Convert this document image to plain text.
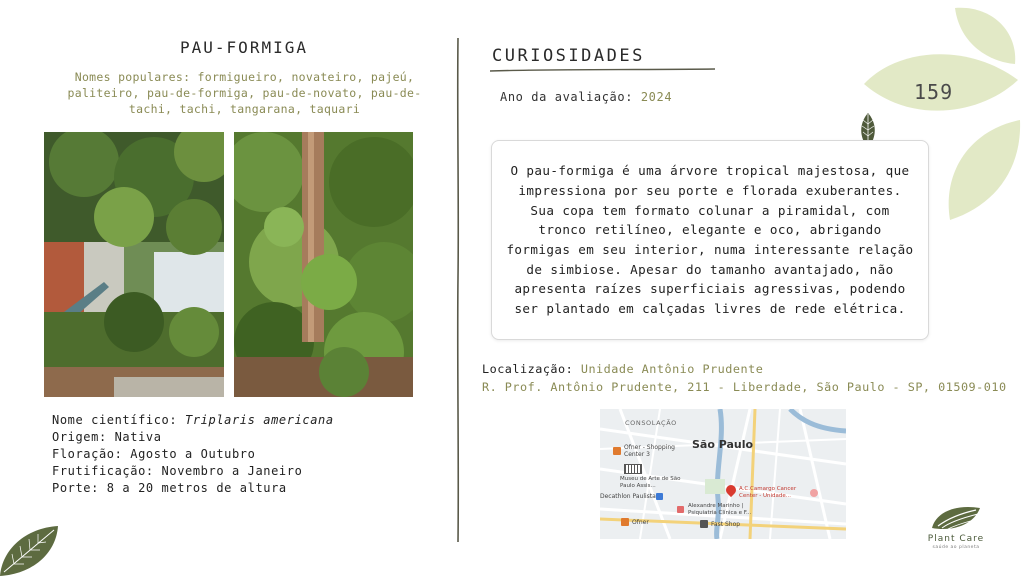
159
PAU-FORMIGA
Nomes populares: formigueiro, novateiro, pajeú, paliteiro, pau-de-formiga, pau-de-novato, pau-de-tachi, tachi, tangarana, taquari
Nome científico: Triplaris americana
Origem: Nativa
Floração: Agosto a Outubro
Frutificação: Novembro a Janeiro
Porte: 8 a 20 metros de altura
CURIOSIDADES
Ano da avaliação: 2024
O pau-formiga é uma árvore tropical majestosa, que impressiona por seu porte e florada exuberantes. Sua copa tem formato colunar a piramidal, com tronco retilíneo, elegante e oco, abrigando formigas em seu interior, numa interessante relação de simbiose. Apesar do tamanho avantajado, não apresenta raízes superficiais agressivas, podendo ser plantado em calçadas livres de rede elétrica.
Localização: Unidade Antônio Prudente
R. Prof. Antônio Prudente, 211 - Liberdade, São Paulo - SP, 01509-010
CONSOLAÇÃO
São Paulo
Ofner - Shopping Center 3
Museu de Arte de São Paulo Assis...
Decathlon Paulista
Alexandre Marinho | Psiquiatria Clínica e F...
A.C.Camargo Cancer Center - Unidade...
Ofner	Fast Shop
Plant Care
saúde ao planeta
